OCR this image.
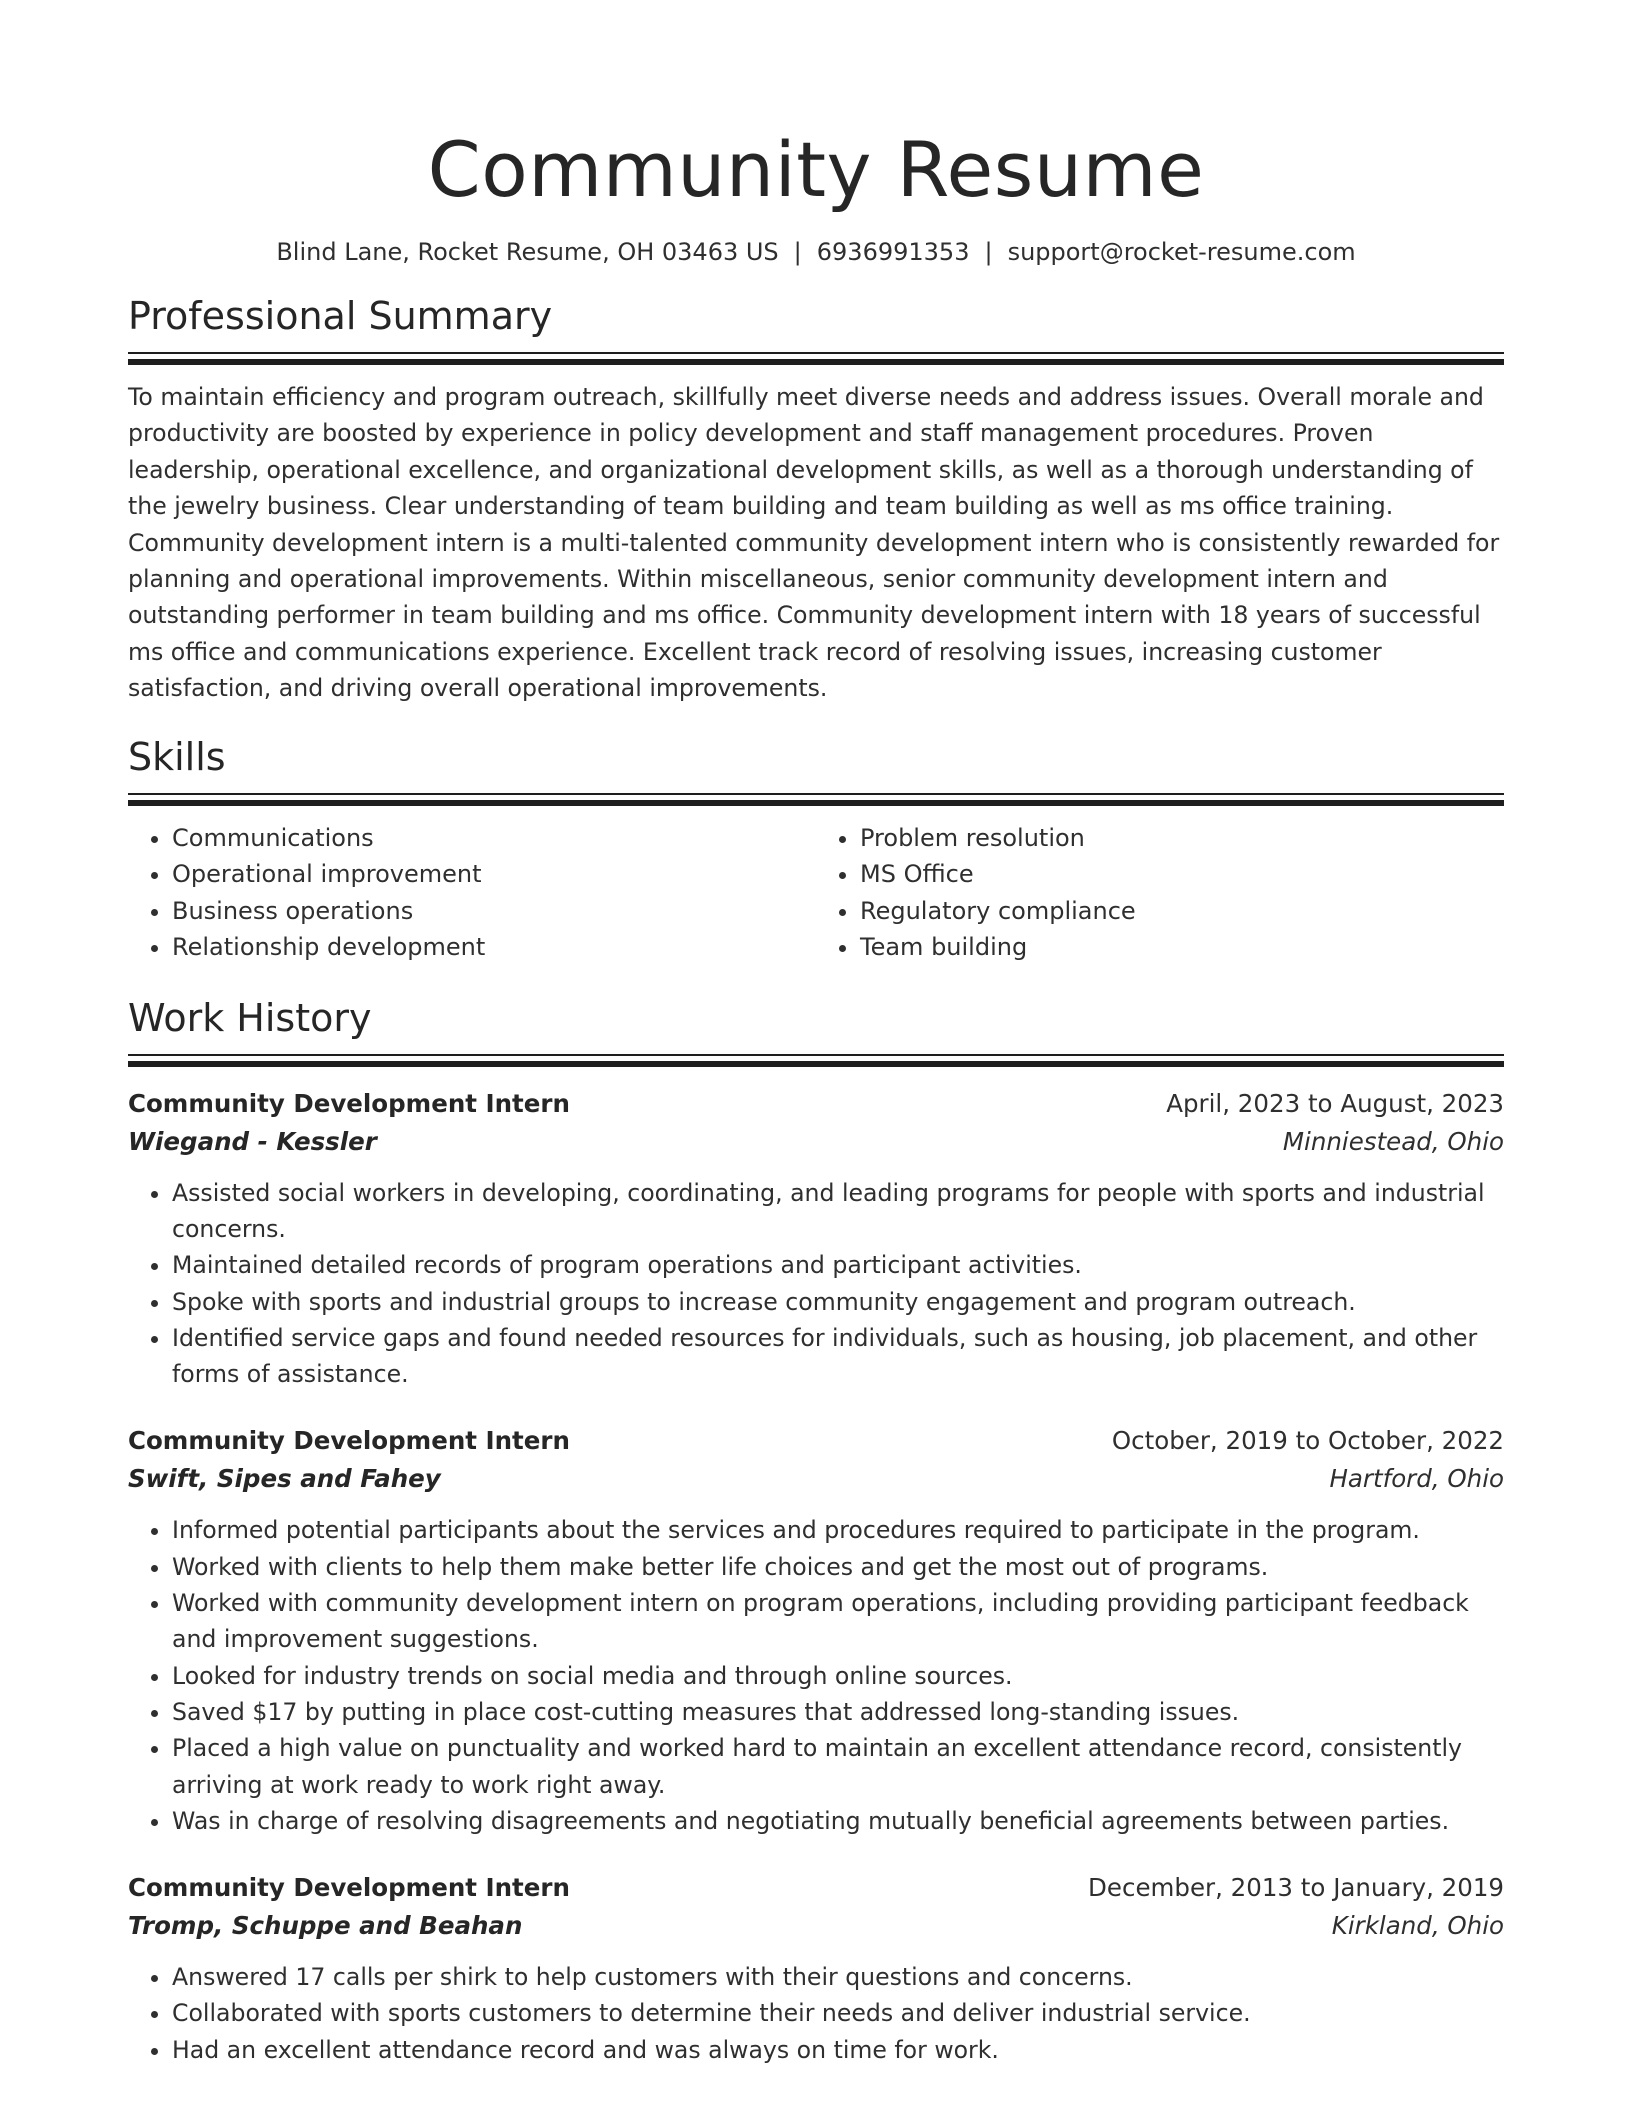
Community Resume
Blind Lane, Rocket Resume, OH 03463 US | 6936991353 | support@rocket-resume.com
Professional Summary

To maintain efficiency and program outreach, skillfully meet diverse needs and address issues. Overall morale and productivity are boosted by experience in policy development and staff management procedures. Proven leadership, operational excellence, and organizational development skills, as well as a thorough understanding of the jewelry business. Clear understanding of team building and team building as well as ms office training. Community development intern is a multi-talented community development intern who is consistently rewarded for planning and operational improvements. Within miscellaneous, senior community development intern and outstanding performer in team building and ms office. Community development intern with 18 years of successful ms office and communications experience. Excellent track record of resolving issues, increasing customer satisfaction, and driving overall operational improvements.

Skills
• Communications
• Operational improvement
• Business operations
• Relationship development
• Problem resolution
• MS Office
• Regulatory compliance
• Team building
Work History
Community Development Intern	April, 2023 to August, 2023
Wiegand - Kessler	Minniestead, Ohio
• Assisted social workers in developing, coordinating, and leading programs for people with sports and industrial concerns.
• Maintained detailed records of program operations and participant activities.
• Spoke with sports and industrial groups to increase community engagement and program outreach.
• Identified service gaps and found needed resources for individuals, such as housing, job placement, and other forms of assistance.
Community Development Intern	October, 2019 to October, 2022
Swift, Sipes and Fahey	Hartford, Ohio
• Informed potential participants about the services and procedures required to participate in the program.
• Worked with clients to help them make better life choices and get the most out of programs.
• Worked with community development intern on program operations, including providing participant feedback and improvement suggestions.
• Looked for industry trends on social media and through online sources.
• Saved $17 by putting in place cost-cutting measures that addressed long-standing issues.
• Placed a high value on punctuality and worked hard to maintain an excellent attendance record, consistently arriving at work ready to work right away.
• Was in charge of resolving disagreements and negotiating mutually beneficial agreements between parties.
Community Development Intern	December, 2013 to January, 2019
Tromp, Schuppe and Beahan	Kirkland, Ohio
• Answered 17 calls per shirk to help customers with their questions and concerns.
• Collaborated with sports customers to determine their needs and deliver industrial service.
• Had an excellent attendance record and was always on time for work.
